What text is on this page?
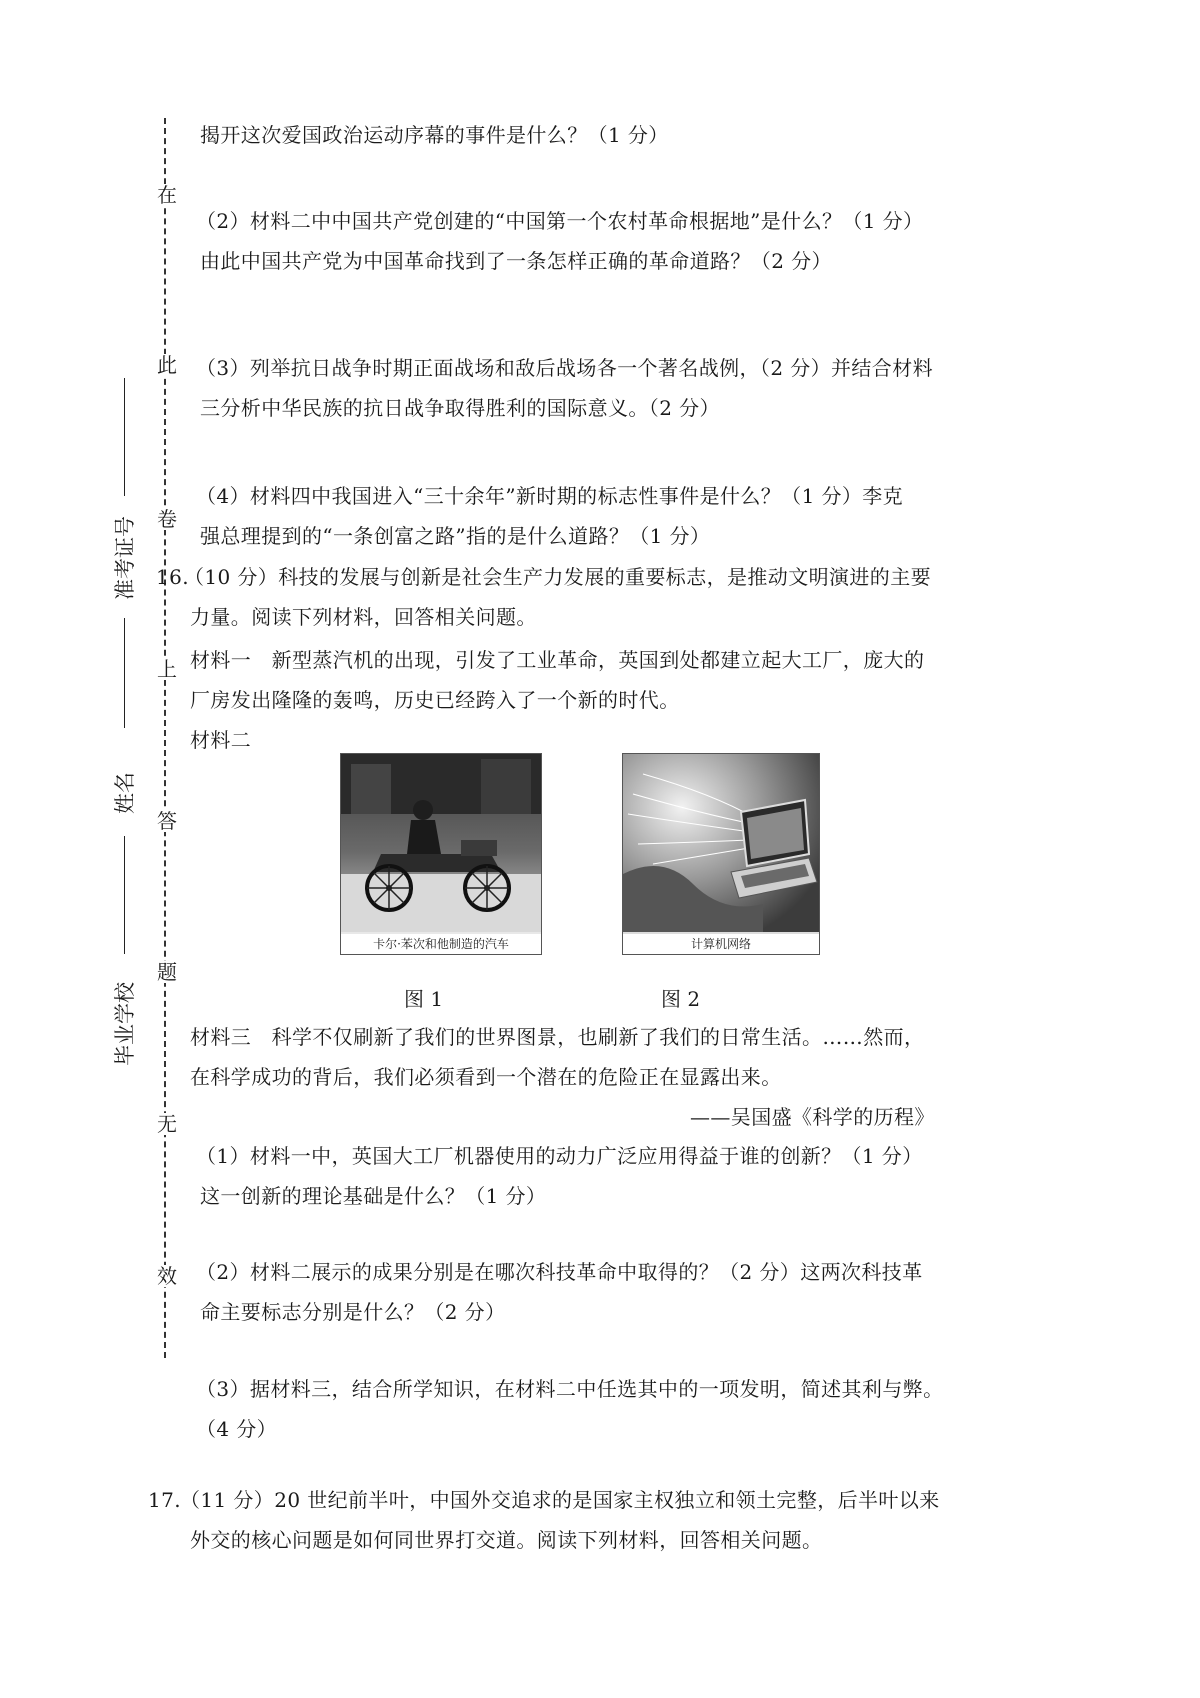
在
此
卷
上
答
题
无
效
准考证号
姓名
毕业学校
揭开这次爱国政治运动序幕的事件是什么？（1 分）
（2）材料二中中国共产党创建的“中国第一个农村革命根据地”是什么？（1 分）
由此中国共产党为中国革命找到了一条怎样正确的革命道路？（2 分）
（3）列举抗日战争时期正面战场和敌后战场各一个著名战例，（2 分）并结合材料
三分析中华民族的抗日战争取得胜利的国际意义。（2 分）
（4）材料四中我国进入“三十余年”新时期的标志性事件是什么？（1 分）李克
强总理提到的“一条创富之路”指的是什么道路？（1 分）
16.
（10 分）科技的发展与创新是社会生产力发展的重要标志，是推动文明演进的主要
力量。阅读下列材料，回答相关问题。
材料一　新型蒸汽机的出现，引发了工业革命，英国到处都建立起大工厂，庞大的
厂房发出隆隆的轰鸣，历史已经跨入了一个新的时代。
材料二
卡尔·苯次和他制造的汽车
图 1
计算机网络
图 2
材料三　科学不仅刷新了我们的世界图景，也刷新了我们的日常生活。……然而，
在科学成功的背后，我们必须看到一个潜在的危险正在显露出来。
——吴国盛《科学的历程》
（1）材料一中，英国大工厂机器使用的动力广泛应用得益于谁的创新？（1 分）
这一创新的理论基础是什么？（1 分）
（2）材料二展示的成果分别是在哪次科技革命中取得的？（2 分）这两次科技革
命主要标志分别是什么？（2 分）
（3）据材料三，结合所学知识，在材料二中任选其中的一项发明，简述其利与弊。
（4 分）
17.
（11 分）20 世纪前半叶，中国外交追求的是国家主权独立和领土完整，后半叶以来
外交的核心问题是如何同世界打交道。阅读下列材料，回答相关问题。
